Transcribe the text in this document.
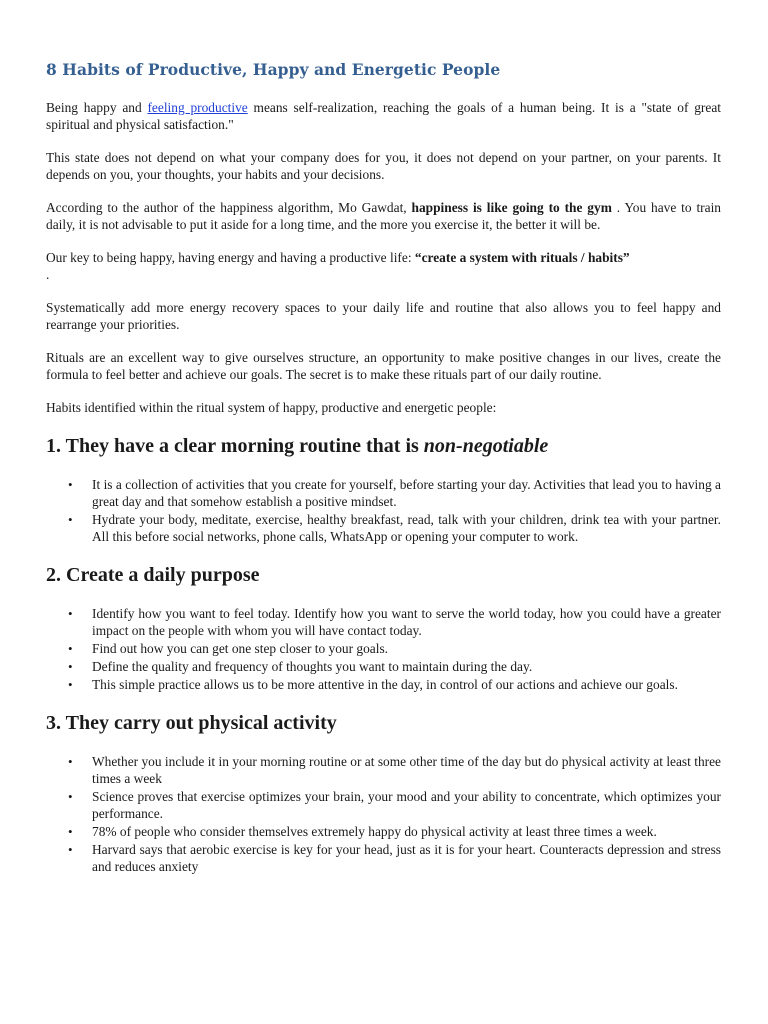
8 Habits of Productive, Happy and Energetic People

Being happy and feeling productive means self-realization, reaching the goals of a human being. It is a "state of great spiritual and physical satisfaction."

This state does not depend on what your company does for you, it does not depend on your partner, on your parents. It depends on you, your thoughts, your habits and your decisions.

According to the author of the happiness algorithm, Mo Gawdat, happiness is like going to the gym . You have to train daily, it is not advisable to put it aside for a long time, and the more you exercise it, the better it will be.

Our key to being happy, having energy and having a productive life: “create a system with rituals / habits”
.

Systematically add more energy recovery spaces to your daily life and routine that also allows you to feel happy and rearrange your priorities.

Rituals are an excellent way to give ourselves structure, an opportunity to make positive changes in our lives, create the formula to feel better and achieve our goals. The secret is to make these rituals part of our daily routine.

Habits identified within the ritual system of happy, productive and energetic people:

1. They have a clear morning routine that is non-negotiable
• It is a collection of activities that you create for yourself, before starting your day. Activities that lead you to having a great day and that somehow establish a positive mindset.
• Hydrate your body, meditate, exercise, healthy breakfast, read, talk with your children, drink tea with your partner. All this before social networks, phone calls, WhatsApp or opening your computer to work.
2. Create a daily purpose
• Identify how you want to feel today. Identify how you want to serve the world today, how you could have a greater impact on the people with whom you will have contact today.
• Find out how you can get one step closer to your goals.
• Define the quality and frequency of thoughts you want to maintain during the day.
• This simple practice allows us to be more attentive in the day, in control of our actions and achieve our goals.
3. They carry out physical activity
• Whether you include it in your morning routine or at some other time of the day but do physical activity at least three times a week
• Science proves that exercise optimizes your brain, your mood and your ability to concentrate, which optimizes your performance.
• 78% of people who consider themselves extremely happy do physical activity at least three times a week.
• Harvard says that aerobic exercise is key for your head, just as it is for your heart. Counteracts depression and stress and reduces anxiety
